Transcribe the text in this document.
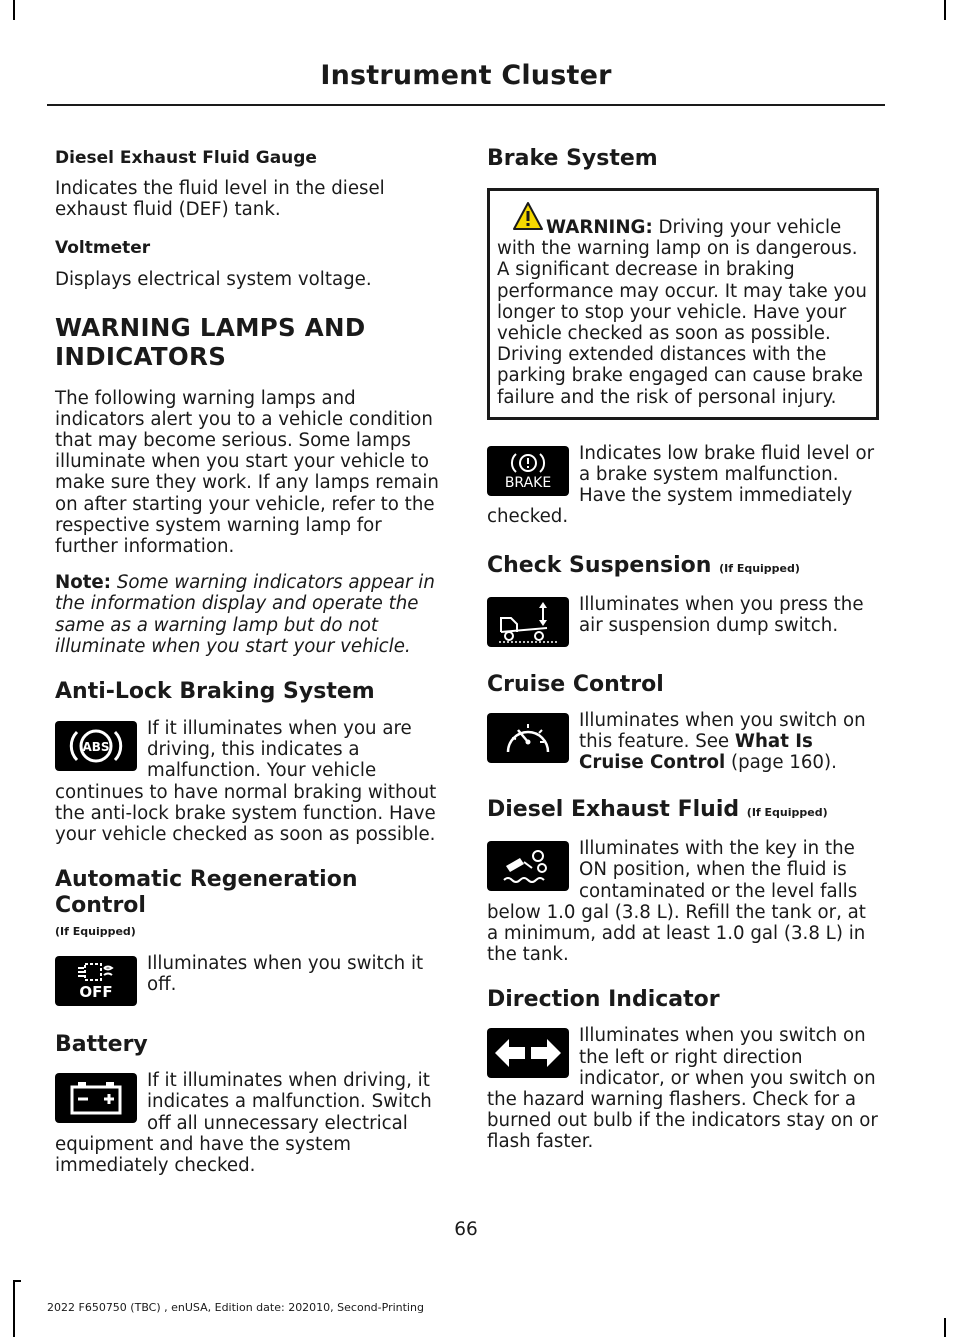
Instrument Cluster
Diesel Exhaust Fluid Gauge

Indicates the fluid level in the diesel exhaust fluid (DEF) tank.

Voltmeter

Displays electrical system voltage.

WARNING LAMPS AND
INDICATORS

The following warning lamps and indicators alert you to a vehicle condition that may become serious. Some lamps illuminate when you start your vehicle to make sure they work. If any lamps remain on after starting your vehicle, refer to the respective system warning lamp for further information.

Note: Some warning indicators appear in the information display and operate the same as a warning lamp but do not illuminate when you start your vehicle.

Anti-Lock Braking System
ABS

If it illuminates when you are driving, this indicates a malfunction. Your vehicle continues to have normal braking without the anti-lock brake system function. Have your vehicle checked as soon as possible.

Automatic Regeneration Control
(If Equipped)
OFF

Illuminates when you switch it off.

Battery

If it illuminates when driving, it indicates a malfunction. Switch off all unnecessary electrical equipment and have the system immediately checked.

Brake System
WARNING: Driving your vehicle with the warning lamp on is dangerous. A significant decrease in braking performance may occur. It may take you longer to stop your vehicle. Have your vehicle checked as soon as possible. Driving extended distances with the parking brake engaged can cause brake failure and the risk of personal injury.
BRAKE

Indicates low brake fluid level or a brake system malfunction. Have the system immediately checked.

Check Suspension (If Equipped)

Illuminates when you press the air suspension dump switch.

Cruise Control

Illuminates when you switch on this feature. See What Is Cruise Control (page 160).

Diesel Exhaust Fluid (If Equipped)

Illuminates with the key in the ON position, when the fluid is contaminated or the level falls below 1.0 gal (3.8 L). Refill the tank or, at a minimum, add at least 1.0 gal (3.8 L) in the tank.

Direction Indicator

Illuminates when you switch on the left or right direction indicator, or when you switch on the hazard warning flashers. Check for a burned out bulb if the indicators stay on or flash faster.

66
2022 F650750 (TBC) , enUSA, Edition date: 202010, Second-Printing
